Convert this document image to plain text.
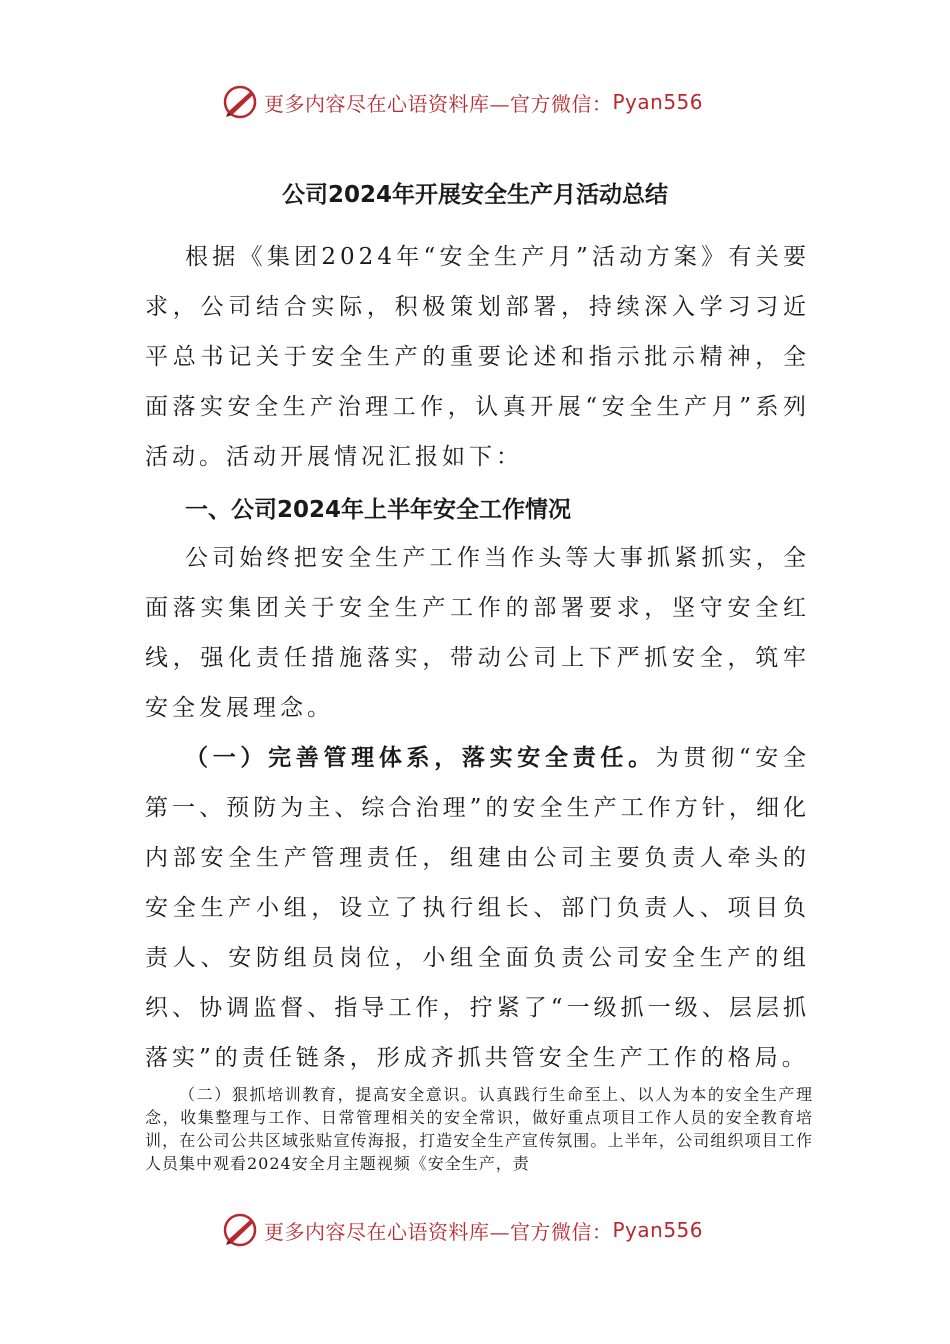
更多内容尽在心语资料库—官方微信： Pyan556
公司2024年开展安全生产月活动总结

根据《集团2024年“安全生产月”活动方案》有关要求，公司结合实际，积极策划部署，持续深入学习习近平总书记关于安全生产的重要论述和指示批示精神，全面落实安全生产治理工作，认真开展“安全生产月”系列活动。活动开展情况汇报如下：

一、公司2024年上半年安全工作情况

公司始终把安全生产工作当作头等大事抓紧抓实，全面落实集团关于安全生产工作的部署要求，坚守安全红线，强化责任措施落实，带动公司上下严抓安全，筑牢安全发展理念。

（一）完善管理体系，落实安全责任。为贯彻“安全第一、预防为主、综合治理”的安全生产工作方针，细化内部安全生产管理责任，组建由公司主要负责人牵头的安全生产小组，设立了执行组长、部门负责人、项目负责人、安防组员岗位，小组全面负责公司安全生产的组织、协调监督、指导工作，拧紧了“一级抓一级、层层抓落实”的责任链条，形成齐抓共管安全生产工作的格局。

（二）狠抓培训教育，提高安全意识。认真践行生命至上、以人为本的安全生产理念，收集整理与工作、日常管理相关的安全常识，做好重点项目工作人员的安全教育培训，在公司公共区域张贴宣传海报，打造安全生产宣传氛围。上半年，公司组织项目工作人员集中观看2024安全月主题视频《安全生产，责

更多内容尽在心语资料库—官方微信： Pyan556
